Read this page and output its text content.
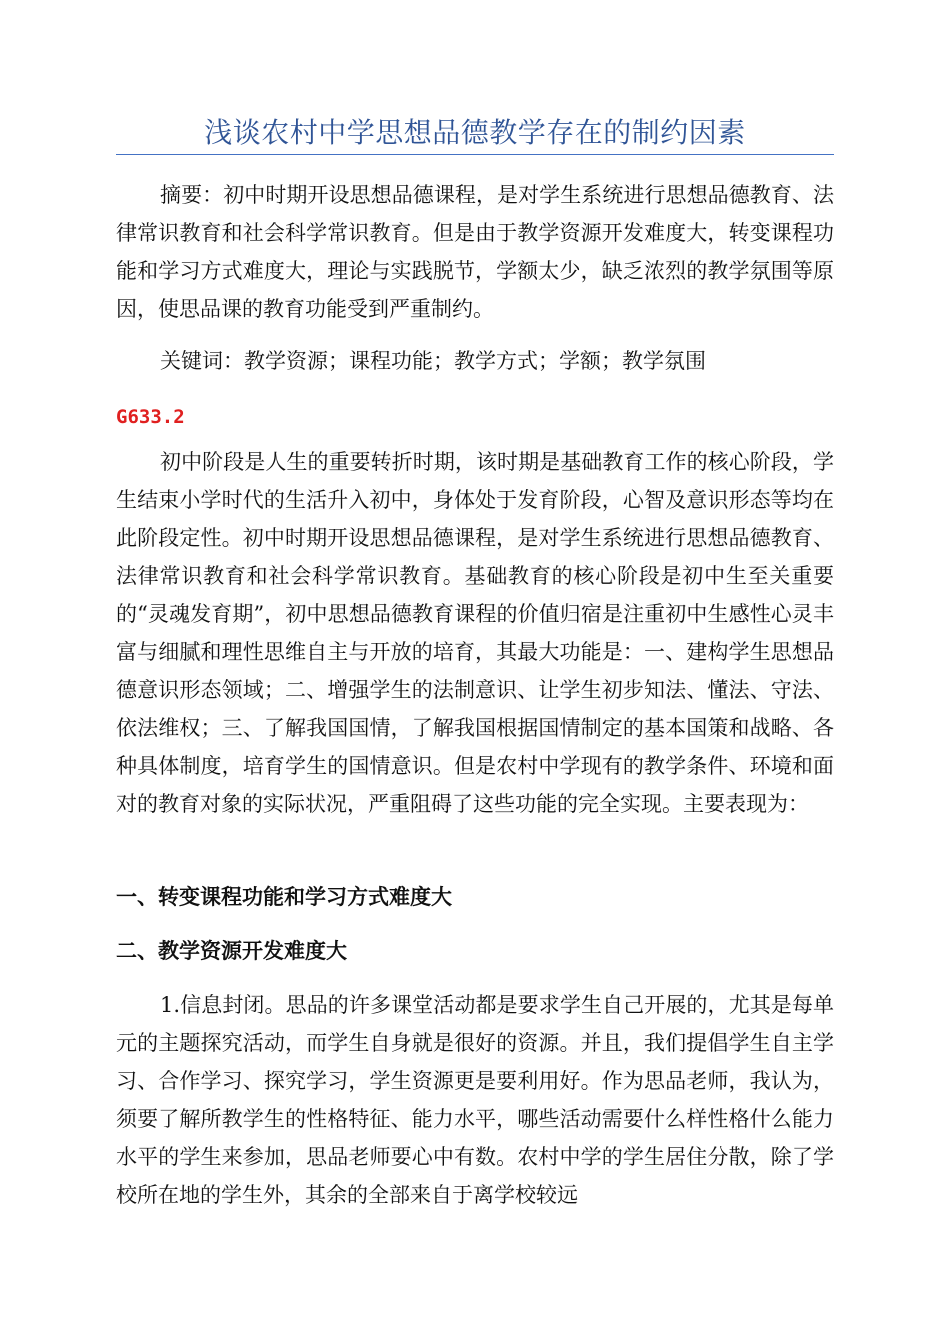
浅谈农村中学思想品德教学存在的制约因素

摘要：初中时期开设思想品德课程，是对学生系统进行思想品德教育、法律常识教育和社会科学常识教育。但是由于教学资源开发难度大，转变课程功能和学习方式难度大，理论与实践脱节，学额太少，缺乏浓烈的教学氛围等原因，使思品课的教育功能受到严重制约。

关键词：教学资源；课程功能；教学方式；学额；教学氛围

G633.2

初中阶段是人生的重要转折时期，该时期是基础教育工作的核心阶段，学生结束小学时代的生活升入初中，身体处于发育阶段，心智及意识形态等均在此阶段定性。初中时期开设思想品德课程，是对学生系统进行思想品德教育、法律常识教育和社会科学常识教育。基础教育的核心阶段是初中生至关重要的“灵魂发育期”，初中思想品德教育课程的价值归宿是注重初中生感性心灵丰富与细腻和理性思维自主与开放的培育，其最大功能是：一、建构学生思想品德意识形态领域；二、增强学生的法制意识、让学生初步知法、懂法、守法、依法维权；三、了解我国国情，了解我国根据国情制定的基本国策和战略、各种具体制度，培育学生的国情意识。但是农村中学现有的教学条件、环境和面对的教育对象的实际状况，严重阻碍了这些功能的完全实现。主要表现为：

一、转变课程功能和学习方式难度大

二、教学资源开发难度大

1.信息封闭。思品的许多课堂活动都是要求学生自己开展的，尤其是每单元的主题探究活动，而学生自身就是很好的资源。并且，我们提倡学生自主学习、合作学习、探究学习，学生资源更是要利用好。作为思品老师，我认为，须要了解所教学生的性格特征、能力水平，哪些活动需要什么样性格什么能力水平的学生来参加，思品老师要心中有数。农村中学的学生居住分散，除了学校所在地的学生外，其余的全部来自于离学校较远
